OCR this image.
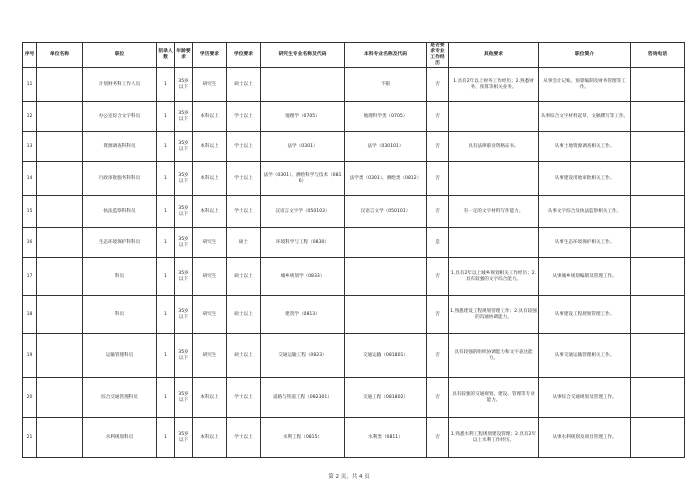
序号	单位名称	职位	招录人数	年龄要求	学历要求	学位要求	研究生专业名称及代码	本科专业名称及代码	是否要求专业工作经历	其他要求	职位简介	咨询电话
11		计划财务科工作人员	1	35岁以下	研究生	硕士以上		不限	否	1.具有2年以上财务工作经历；2.熟悉财务、预算等相关业务。	从事会计记账、预算编制及财务管理等工作。	
12		办公室综合文字科员	1	35岁以下	本科以上	学士以上	地理学（0705）	地理科学类（0705）	否		从事综合文字材料起草，文稿撰写等工作。	
13		资源调查科科员	1	35岁以下	本科以上	学士以上	法学（0301）	法学（030101）	否	具有法律职业资格证书。	从事土地资源调查相关工作。	
14		行政审批服务科科员	1	35岁以下	本科以上	学士以上	法学（0301）、测绘科学与技术（0816）	法学类（0301）、测绘类（0812）	否		从事建设用地审批相关工作。	
15		执法监察科科员	1	35岁以下	本科以上	学士以上	汉语言文字学（050103）	汉语言文学（050101）	否	有一定的文字材料写作能力。	从事文字综合及执法监察相关工作。	
16		生态环境保护科科员	1	35岁以下	研究生	硕士	环境科学与工程（0830）		是		从事生态环境保护相关工作。	
17		科员	1	35岁以下	研究生	硕士以上	城乡规划学（0833）		否	1.具有2年以上城乡规划相关工作经历；2.具有较强的文字综合能力。	从事城乡规划编制及管理工作。	
18		科员	1	35岁以下	研究生	硕士以上	建筑学（0813）		否	1.熟悉建设工程规划管理工作；2.具有较强的沟通协调能力。	从事建设工程规划管理工作。	
19		运输管理科员	1	35岁以下	研究生	硕士以上	交通运输工程（0823）	交通运输（081801）	否	具有较强的组织协调能力和文字表达能力。	从事交通运输管理相关工作。	
20		综合交通管理科员	1	35岁以下	本科以上	学士以上	道路与铁道工程（082301）	交通工程（081802）	否	具有较强的交通规划、建设、管理等专业能力。	从事综合交通规划及管理工作。	
21		水利规划科员	1	35岁以下	本科以上	学士以上	水利工程（0815）	水利类（0811）	否	1.熟悉水利工程规划建设管理；2.具有2年以上水利工作经历。	从事水利规划及项目管理工作。	
第 2 页，共 4 页
